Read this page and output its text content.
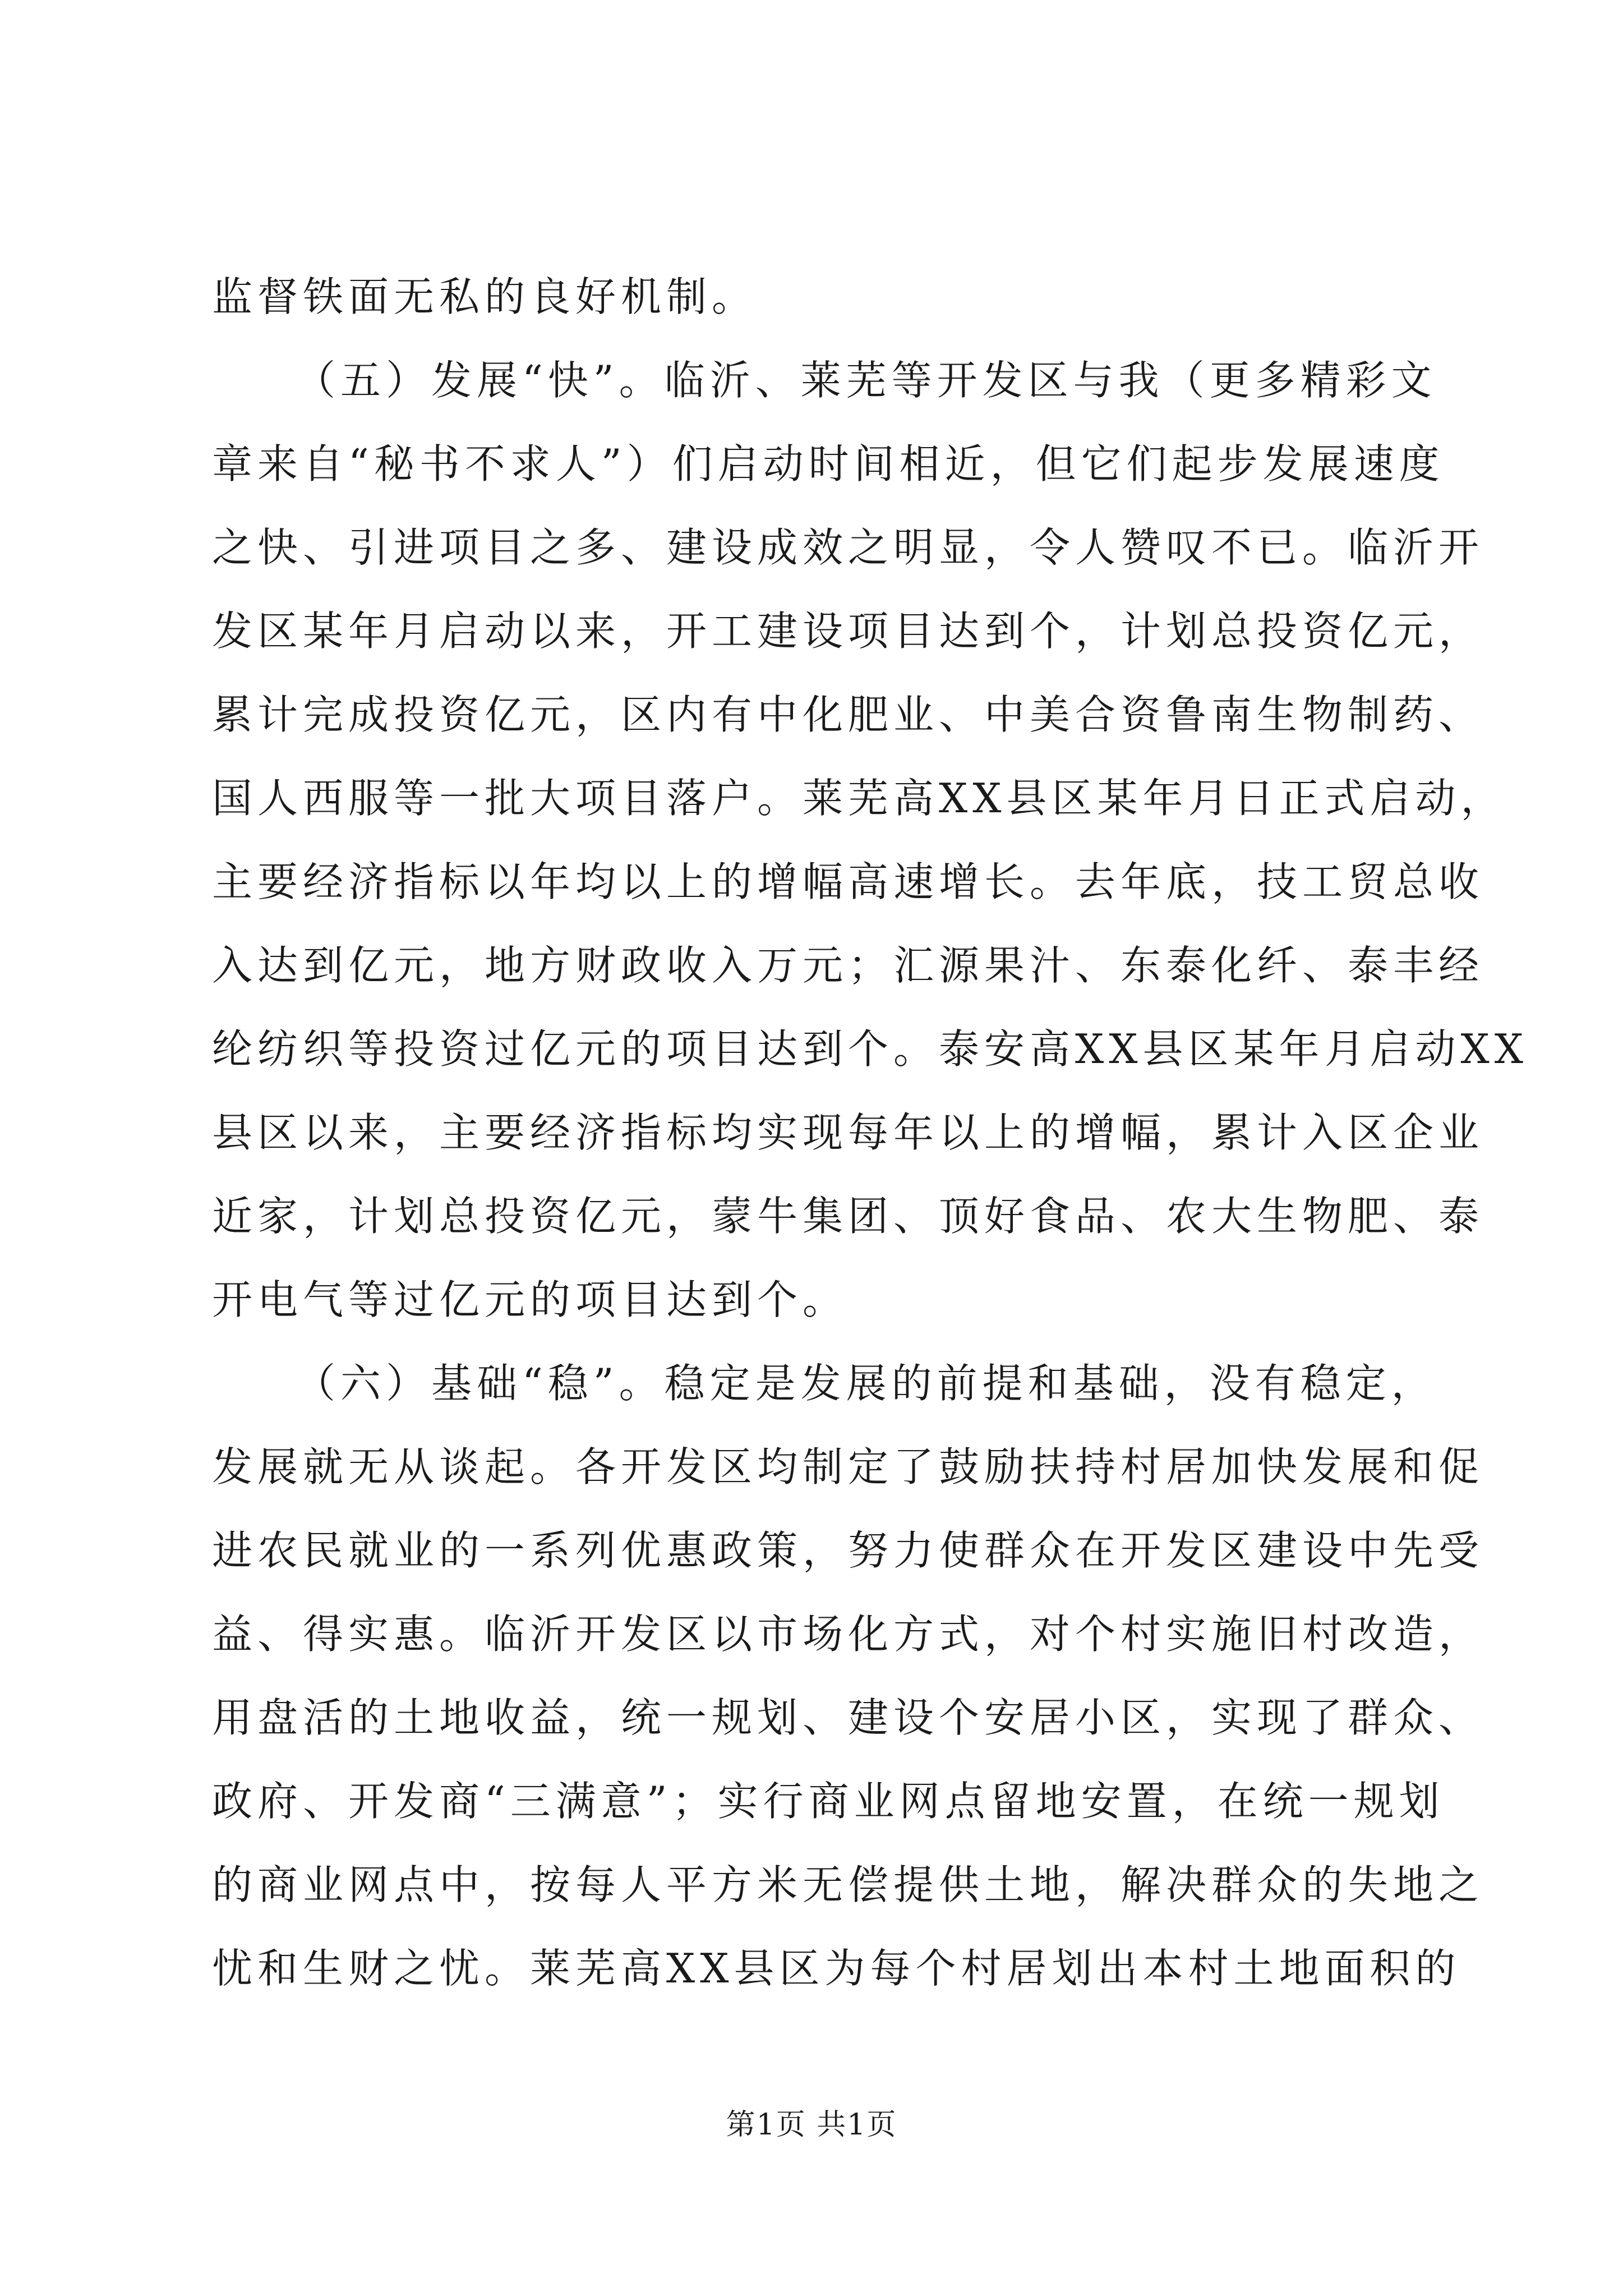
监督铁面无私的良好机制。
（五）发展“快”。临沂、莱芜等开发区与我（更多精彩文
章来自“秘书不求人”）们启动时间相近，但它们起步发展速度
之快、引进项目之多、建设成效之明显，令人赞叹不已。临沂开
发区某年月启动以来，开工建设项目达到个，计划总投资亿元，
累计完成投资亿元，区内有中化肥业、中美合资鲁南生物制药、
国人西服等一批大项目落户。莱芜高XX县区某年月日正式启动，
主要经济指标以年均以上的增幅高速增长。去年底，技工贸总收
入达到亿元，地方财政收入万元；汇源果汁、东泰化纤、泰丰经
纶纺织等投资过亿元的项目达到个。泰安高XX县区某年月启动XX
县区以来，主要经济指标均实现每年以上的增幅，累计入区企业
近家，计划总投资亿元，蒙牛集团、顶好食品、农大生物肥、泰
开电气等过亿元的项目达到个。
（六）基础“稳”。稳定是发展的前提和基础，没有稳定，
发展就无从谈起。各开发区均制定了鼓励扶持村居加快发展和促
进农民就业的一系列优惠政策，努力使群众在开发区建设中先受
益、得实惠。临沂开发区以市场化方式，对个村实施旧村改造，
用盘活的土地收益，统一规划、建设个安居小区，实现了群众、
政府、开发商“三满意”；实行商业网点留地安置，在统一规划
的商业网点中，按每人平方米无偿提供土地，解决群众的失地之
忧和生财之忧。莱芜高XX县区为每个村居划出本村土地面积的
第1页 共1页
